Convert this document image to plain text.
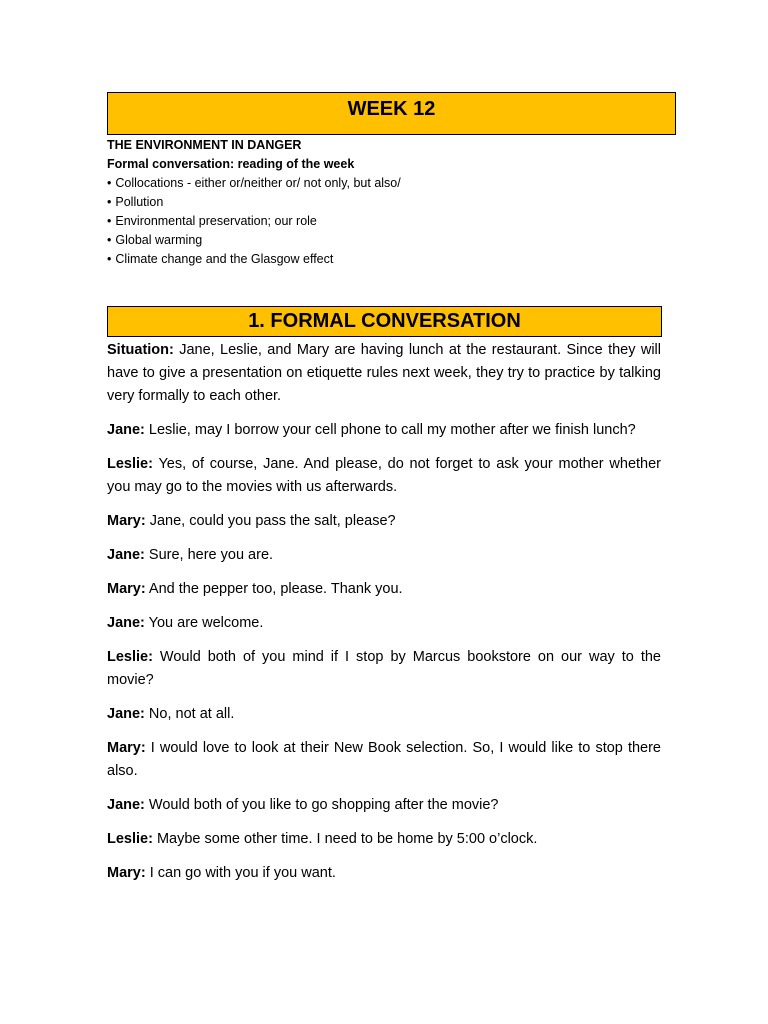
WEEK 12
THE ENVIRONMENT IN DANGER
Formal conversation: reading of the week
• Collocations - either or/neither or/ not only, but also/
• Pollution
• Environmental preservation; our role
• Global warming
• Climate change and the Glasgow effect
1. FORMAL CONVERSATION

Situation: Jane, Leslie, and Mary are having lunch at the restaurant. Since they will have to give a presentation on etiquette rules next week, they try to practice by talking very formally to each other.

Jane: Leslie, may I borrow your cell phone to call my mother after we finish lunch?

Leslie: Yes, of course, Jane. And please, do not forget to ask your mother whether you may go to the movies with us afterwards.

Mary: Jane, could you pass the salt, please?

Jane: Sure, here you are.

Mary: And the pepper too, please. Thank you.

Jane: You are welcome.

Leslie: Would both of you mind if I stop by Marcus bookstore on our way to the movie?

Jane: No, not at all.

Mary: I would love to look at their New Book selection. So, I would like to stop there also.

Jane: Would both of you like to go shopping after the movie?

Leslie: Maybe some other time. I need to be home by 5:00 o’clock.

Mary: I can go with you if you want.
